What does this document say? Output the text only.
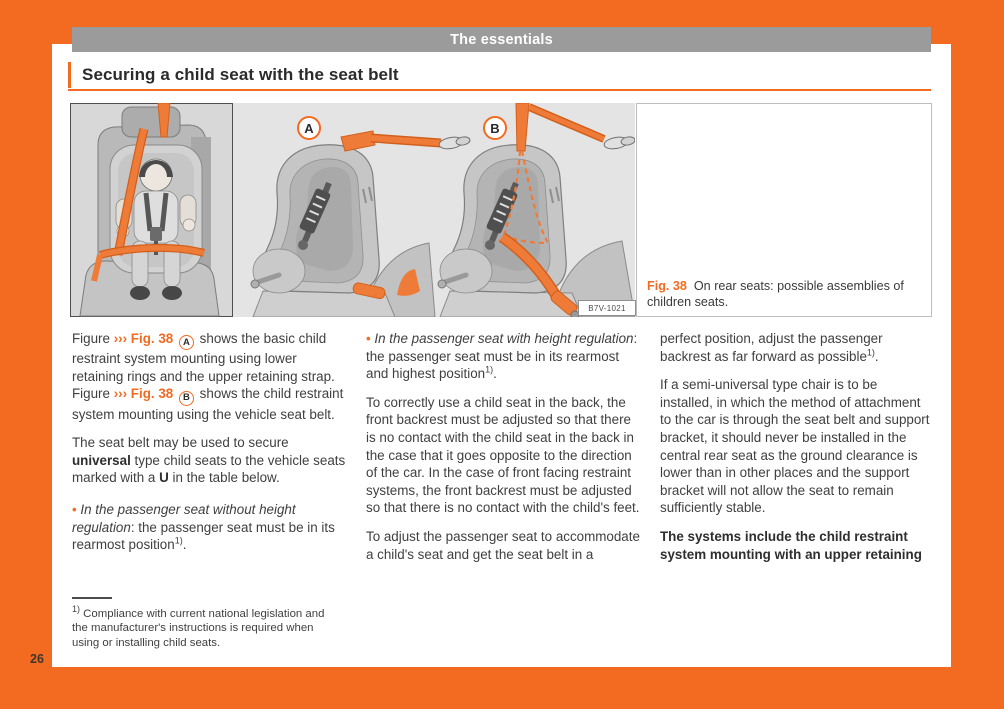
The essentials
Securing a child seat with the seat belt
A	B
B7V-1021
Fig. 38 On rear seats: possible assemblies of children seats.

Figure ››› Fig. 38 A shows the basic child restraint system mounting using lower retaining rings and the upper retaining strap. Figure ››› Fig. 38 B shows the child restraint system mounting using the vehicle seat belt.

The seat belt may be used to secure universal type child seats to the vehicle seats marked with a U in the table below.

• In the passenger seat without height regulation: the passenger seat must be in its rearmost position$^{1)}$.

• In the passenger seat with height regulation: the passenger seat must be in its rearmost and highest position$^{1)}$.

To correctly use a child seat in the back, the front backrest must be adjusted so that there is no contact with the child seat in the back in the case that it goes opposite to the direction of the car. In the case of front facing restraint systems, the front backrest must be adjusted so that there is no contact with the child's feet.

To adjust the passenger seat to accommodate a child's seat and get the seat belt in a

perfect position, adjust the passenger backrest as far forward as possible$^{1)}$.

If a semi-universal type chair is to be installed, in which the method of attachment to the car is through the seat belt and support bracket, it should never be installed in the central rear seat as the ground clearance is lower than in other places and the support bracket will not allow the seat to remain sufficiently stable.

The systems include the child restraint system mounting with an upper retaining

$^{1)}$ Compliance with current national legislation and the manufacturer's instructions is required when using or installing child seats.
26
